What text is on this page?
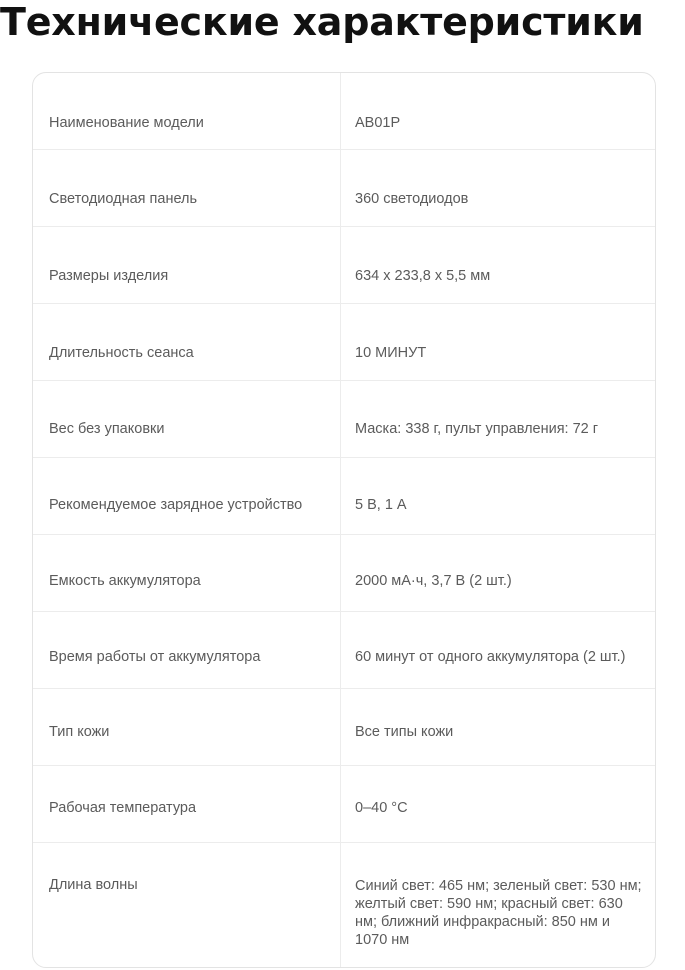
Технические характеристики
Наименование модели	AB01P
Светодиодная панель	360 светодиодов
Размеры изделия	634 x 233,8 x 5,5 мм
Длительность сеанса	10 МИНУТ
Вес без упаковки	Маска: 338 г, пульт управления: 72 г
Рекомендуемое зарядное устройство	5 В, 1 А
Емкость аккумулятора	2000 мА·ч, 3,7 В (2 шт.)
Время работы от аккумулятора	60 минут от одного аккумулятора (2 шт.)
Тип кожи	Все типы кожи
Рабочая температура	0–40 °C
Длина волны	Синий свет: 465 нм; зеленый свет: 530 нм; желтый свет: 590 нм; красный свет: 630 нм; ближний инфракрасный: 850 нм и 1070 нм
